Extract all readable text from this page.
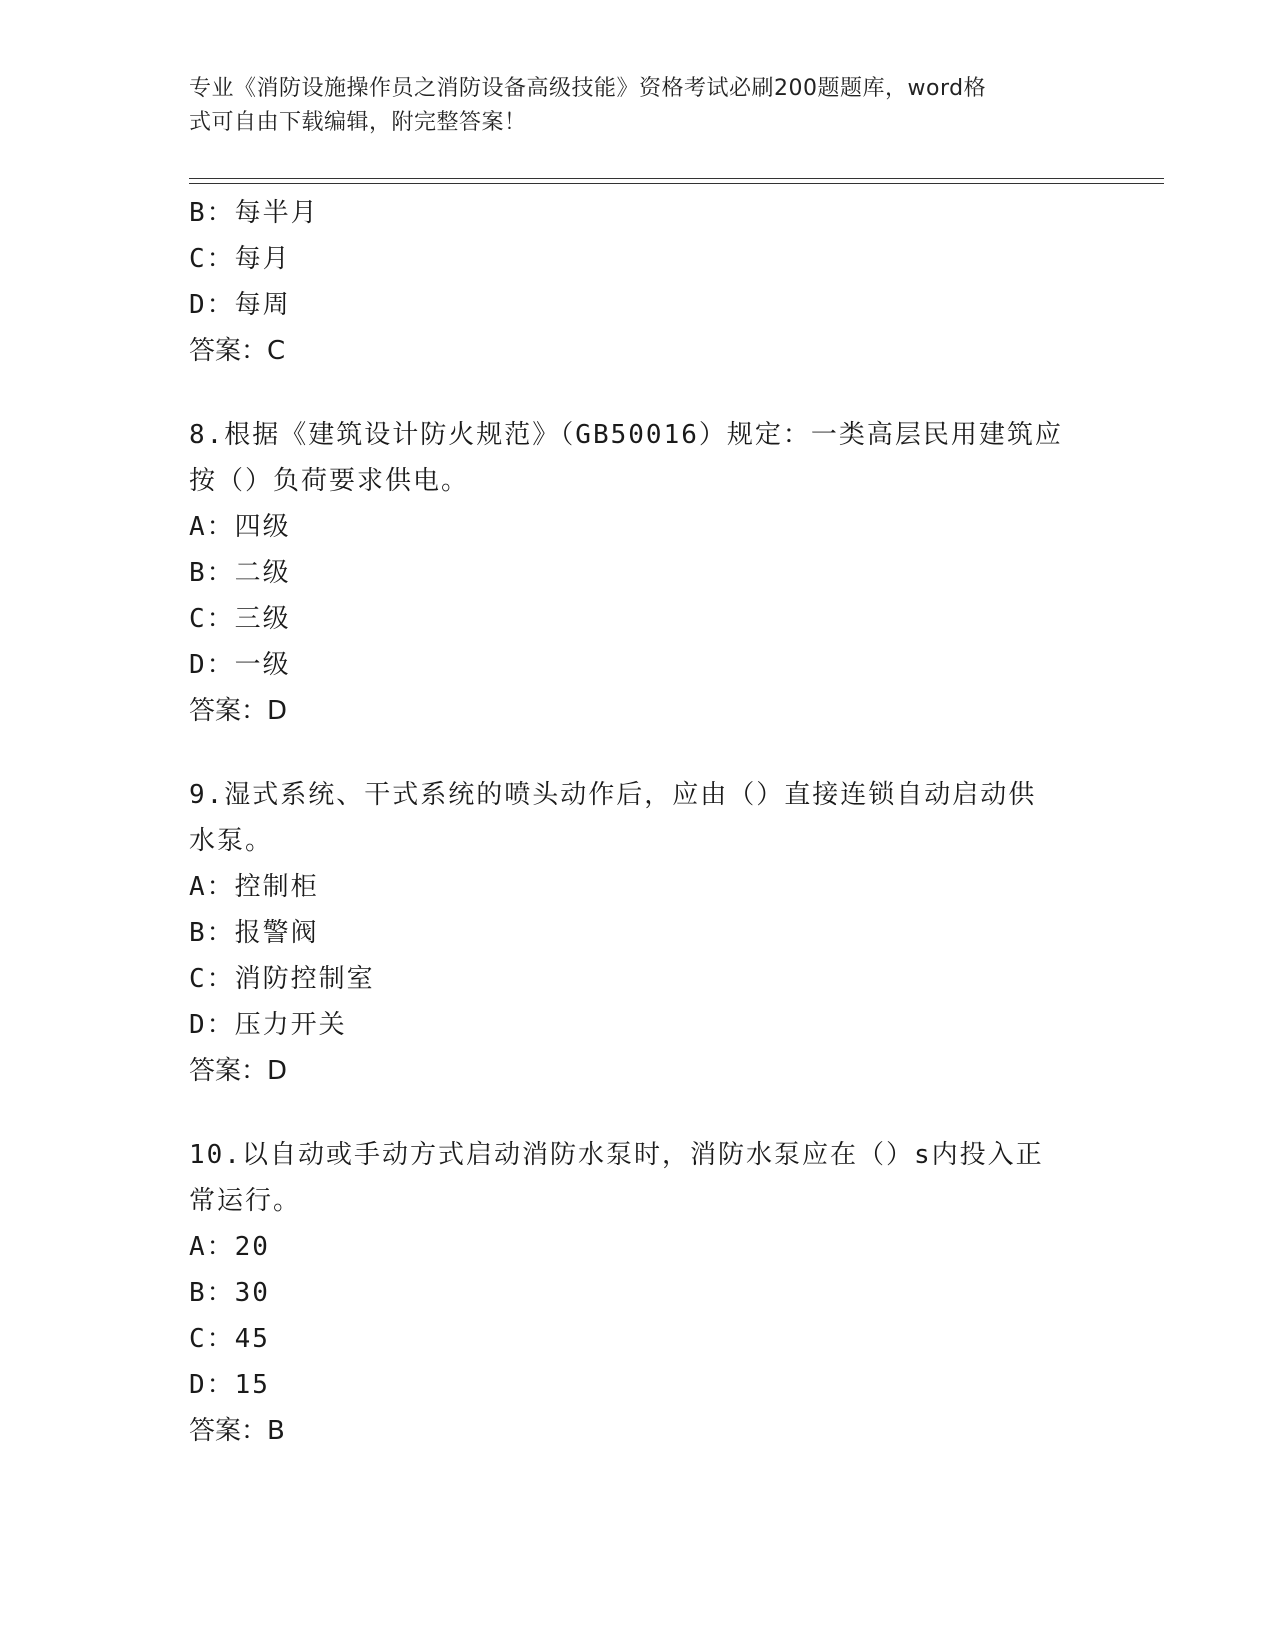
专业《消防设施操作员之消防设备高级技能》资格考试必刷200题题库，word格
式可自由下载编辑，附完整答案！
B：每半月
C：每月
D：每周
答案：C
8.根据《建筑设计防火规范》（GB50016）规定：一类高层民用建筑应
按（）负荷要求供电。
A：四级
B：二级
C：三级
D：一级
答案：D
9.湿式系统、干式系统的喷头动作后，应由（）直接连锁自动启动供
水泵。
A：控制柜
B：报警阀
C：消防控制室
D：压力开关
答案：D
10.以自动或手动方式启动消防水泵时，消防水泵应在（）s内投入正
常运行。
A：20
B：30
C：45
D：15
答案：B
